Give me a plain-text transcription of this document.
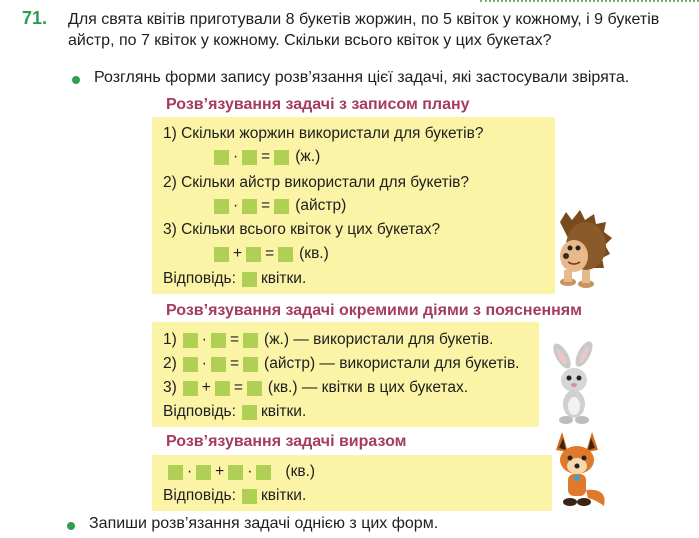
71. Для свята квітів приготували 8 букетів жоржин, по 5 квіток у кожному, і 9 букетів айстр, по 7 квіток у кожному. Скільки всього квіток у цих букетах?
Розглянь форми запису розв’язання цієї задачі, які застосували звірята.
Розв’язування задачі з записом плану
1) Скільки жоржин використали для букетів?
· = (ж.)
2) Скільки айстр використали для букетів?
· = (айстр)
3) Скільки всього квіток у цих букетах?
+ = (кв.)
Відповідь: квітки.
Розв’язування задачі окремими діями з поясненням
1) · = (ж.) — використали для букетів.
2) · = (айстр) — використали для букетів.
3) + = (кв.) — квітки в цих букетах.
Відповідь: квітки.
Розв’язування задачі виразом
· + · (кв.)
Відповідь: квітки.
Запиши розв’язання задачі однією з цих форм.
